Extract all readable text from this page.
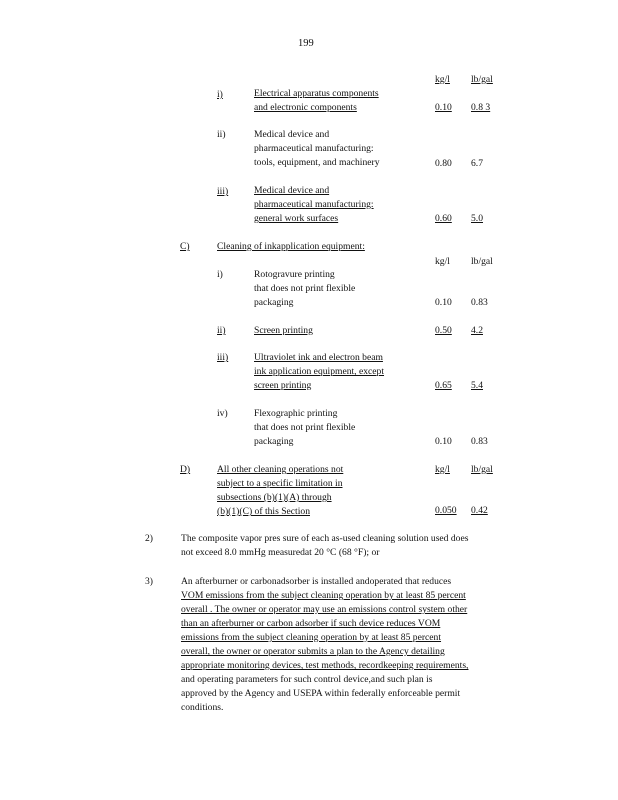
199
kg/l lb/gal
i)	Electrical apparatus components
and electronic components	0.10 0.8 3
ii)	Medical device and
pharmaceutical manufacturing:
tools, equipment, and machinery	0.80 6.7
iii)	Medical device and
pharmaceutical manufacturing:
general work surfaces	0.60 5.0
C)	Cleaning of inkapplication equipment:
kg/l lb/gal
i)	Rotogravure printing
that does not print flexible
packaging	0.10 0.83
ii)	Screen printing	0.50 4.2
iii)	Ultraviolet ink and electron beam
ink application equipment, except
screen printing	0.65 5.4
iv)	Flexographic printing
that does not print flexible
packaging	0.10 0.83
D)	All other cleaning operations not
subject to a specific limitation in
subsections (b)(1)(A) through
(b)(1)(C) of this Section
kg/l lb/gal
0.050 0.42
2)	The composite vapor pres sure of each as-used cleaning solution used does
not exceed 8.0 mmHg measuredat 20 °C (68 °F); or
3)	An afterburner or carbonadsorber is installed andoperated that reduces
VOM emissions from the subject cleaning operation by at least 85 percent
overall . The owner or operator may use an emissions control system other
than an afterburner or carbon adsorber if such device reduces VOM
emissions from the subject cleaning operation by at least 85 percent
overall, the owner or operator submits a plan to the Agency detailing
appropriate monitoring devices, test methods, recordkeeping requirements,
and operating parameters for such control device,and such plan is
approved by the Agency and USEPA within federally enforceable permit
conditions.
